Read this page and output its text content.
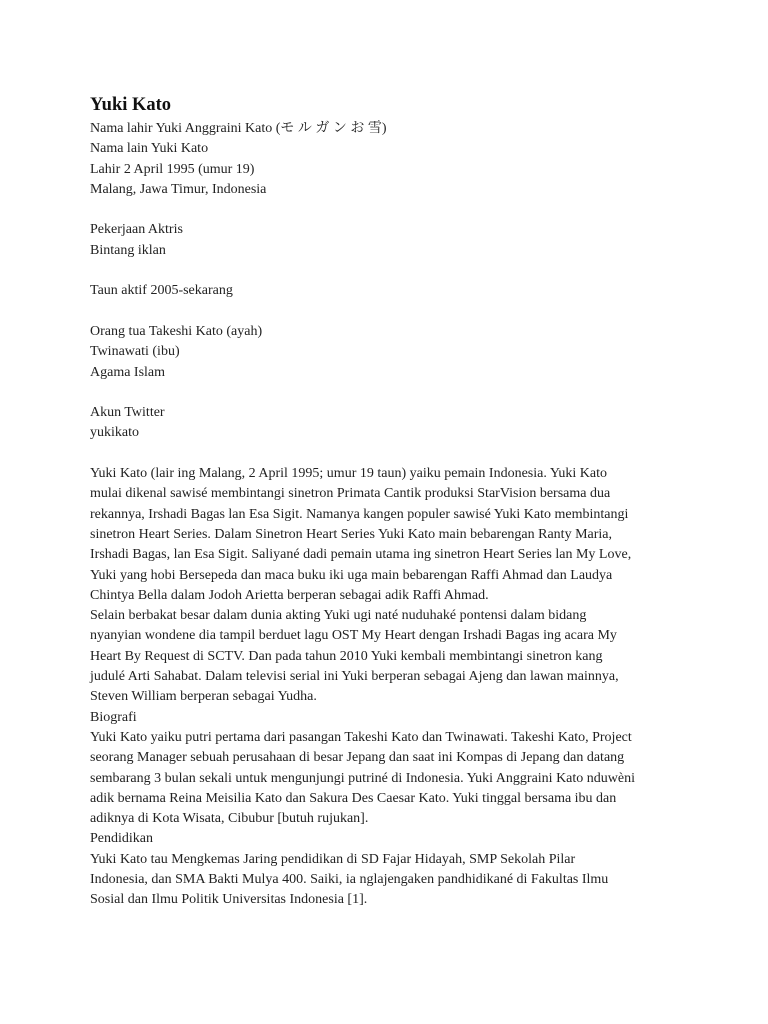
Yuki Kato
Nama lahir Yuki Anggraini Kato (モ ル ガ ン お 雪)
Nama lain Yuki Kato
Lahir 2 April 1995 (umur 19)
Malang, Jawa Timur, Indonesia
Pekerjaan Aktris
Bintang iklan
Taun aktif 2005-sekarang
Orang tua Takeshi Kato (ayah)
Twinawati (ibu)
Agama Islam
Akun Twitter
yukikato
Yuki Kato (lair ing Malang, 2 April 1995; umur 19 taun) yaiku pemain Indonesia. Yuki Kato
mulai dikenal sawisé membintangi sinetron Primata Cantik produksi StarVision bersama dua
rekannya, Irshadi Bagas lan Esa Sigit. Namanya kangen populer sawisé Yuki Kato membintangi
sinetron Heart Series. Dalam Sinetron Heart Series Yuki Kato main bebarengan Ranty Maria,
Irshadi Bagas, lan Esa Sigit. Saliyané dadi pemain utama ing sinetron Heart Series lan My Love,
Yuki yang hobi Bersepeda dan maca buku iki uga main bebarengan Raffi Ahmad dan Laudya
Chintya Bella dalam Jodoh Arietta berperan sebagai adik Raffi Ahmad.
Selain berbakat besar dalam dunia akting Yuki ugi naté nuduhaké pontensi dalam bidang
nyanyian wondene dia tampil berduet lagu OST My Heart dengan Irshadi Bagas ing acara My
Heart By Request di SCTV. Dan pada tahun 2010 Yuki kembali membintangi sinetron kang
judulé Arti Sahabat. Dalam televisi serial ini Yuki berperan sebagai Ajeng dan lawan mainnya,
Steven William berperan sebagai Yudha.
Biografi
Yuki Kato yaiku putri pertama dari pasangan Takeshi Kato dan Twinawati. Takeshi Kato, Project
seorang Manager sebuah perusahaan di besar Jepang dan saat ini Kompas di Jepang dan datang
sembarang 3 bulan sekali untuk mengunjungi putriné di Indonesia. Yuki Anggraini Kato nduwèni
adik bernama Reina Meisilia Kato dan Sakura Des Caesar Kato. Yuki tinggal bersama ibu dan
adiknya di Kota Wisata, Cibubur [butuh rujukan].
Pendidikan
Yuki Kato tau Mengkemas Jaring pendidikan di SD Fajar Hidayah, SMP Sekolah Pilar
Indonesia, dan SMA Bakti Mulya 400. Saiki, ia nglajengaken pandhidikané di Fakultas Ilmu
Sosial dan Ilmu Politik Universitas Indonesia [1].
